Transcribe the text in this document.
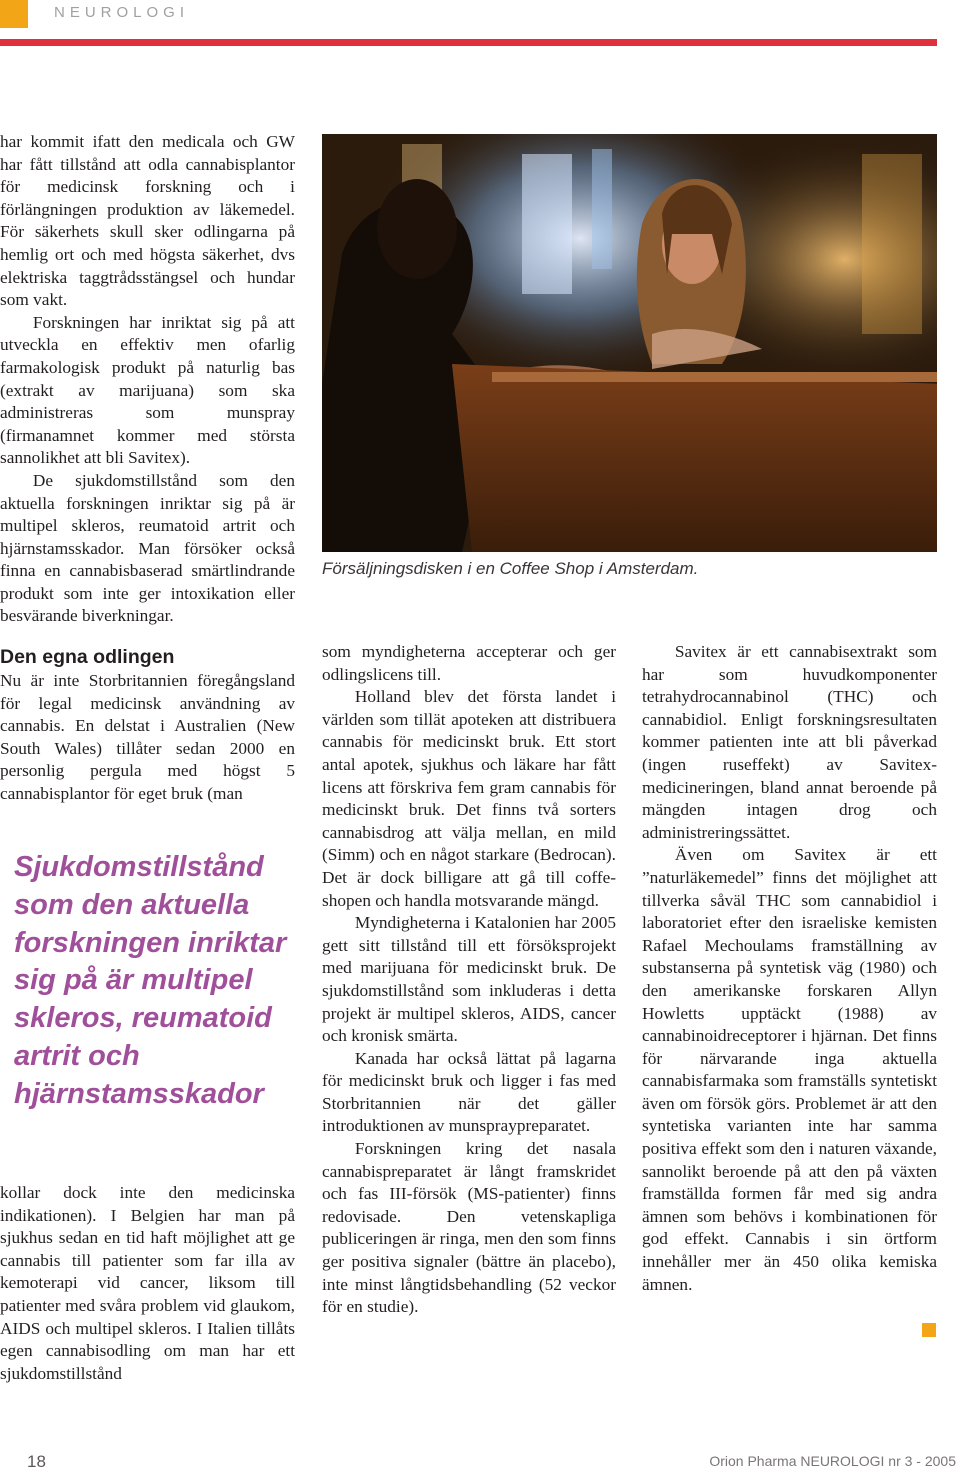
NEUROLOGI

har kommit ifatt den medicala och GW har fått tillstånd att odla cannabisplantor för medicinsk forskning och i förlängningen produktion av läkemedel. För säkerhets skull sker odlingarna på hemlig ort och med högsta säkerhet, dvs elektriska taggtrådsstängsel och hundar som vakt.

Forskningen har inriktat sig på att utveckla en effektiv men ofarlig farmakologisk produkt på naturlig bas (extrakt av marijuana) som ska administreras som munspray (firmanamnet kommer med största sannolikhet att bli Savitex).

De sjukdomstillstånd som den aktuella forskningen inriktar sig på är multipel skleros, reumatoid artrit och hjärnstamsskador. Man försöker också finna en cannabisbaserad smärtlindrande produkt som inte ger intoxikation eller besvärande biverkningar.

Den egna odlingen

Nu är inte Storbritannien föregångsland för legal medicinsk användning av cannabis. En delstat i Australien (New South Wales) tillåter sedan 2000 en personlig pergula med högst 5 cannabisplantor för eget bruk (man

Sjukdomstillstånd som den aktuella forskningen inriktar sig på är multipel skleros, reumatoid artrit och hjärnstamsskador

kollar dock inte den medicinska indikationen). I Belgien har man på sjukhus sedan en tid haft möjlighet att ge cannabis till patienter som far illa av kemoterapi vid cancer, liksom till patienter med svåra problem vid glaukom, AIDS och multipel skleros. I Italien tillåts egen cannabisodling om man har ett sjukdomstillstånd

Försäljningsdisken i en Coffee Shop i Amsterdam.

som myndigheterna accepterar och ger odlingslicens till.

Holland blev det första landet i världen som tillät apoteken att distribuera cannabis för medicinskt bruk. Ett stort antal apotek, sjukhus och läkare har fått licens att förskriva fem gram cannabis för medicinskt bruk. Det finns två sorters cannabisdrog att välja mellan, en mild (Simm) och en något starkare (Bedrocan). Det är dock billigare att gå till coffe-shopen och handla motsvarande mängd.

Myndigheterna i Katalonien har 2005 gett sitt tillstånd till ett försöksprojekt med marijuana för medicinskt bruk. De sjukdomstillstånd som inkluderas i detta projekt är multipel skleros, AIDS, cancer och kronisk smärta.

Kanada har också lättat på lagarna för medicinskt bruk och ligger i fas med Storbritannien när det gäller introduktionen av munspraypreparatet.

Forskningen kring det nasala cannabispreparatet är långt framskridet och fas III-försök (MS-patienter) finns redovisade. Den vetenskapliga publiceringen är ringa, men den som finns ger positiva signaler (bättre än placebo), inte minst långtidsbehandling (52 veckor för en studie).

Savitex är ett cannabisextrakt som har som huvudkomponenter tetrahydrocannabinol (THC) och cannabidiol. Enligt forskningsresultaten kommer patienten inte att bli påverkad (ingen ruseffekt) av Savitex-medicineringen, bland annat beroende på mängden intagen drog och administreringssättet.

Även om Savitex är ett ”naturläkemedel” finns det möjlighet att tillverka såväl THC som cannabidiol i laboratoriet efter den israeliske kemisten Rafael Mechoulams framställning av substanserna på syntetisk väg (1980) och den amerikanske forskaren Allyn Howletts upptäckt (1988) av cannabinoidreceptorer i hjärnan. Det finns för närvarande inga aktuella cannabisfarmaka som framställs syntetiskt även om försök görs. Problemet är att den syntetiska varianten inte har samma positiva effekt som den i naturen växande, sannolikt beroende på att den på växten framställda formen får med sig andra ämnen som behövs i kombinationen för god effekt. Cannabis i sin örtform innehåller mer än 450 olika kemiska ämnen.

18	Orion Pharma NEUROLOGI nr 3 - 2005
